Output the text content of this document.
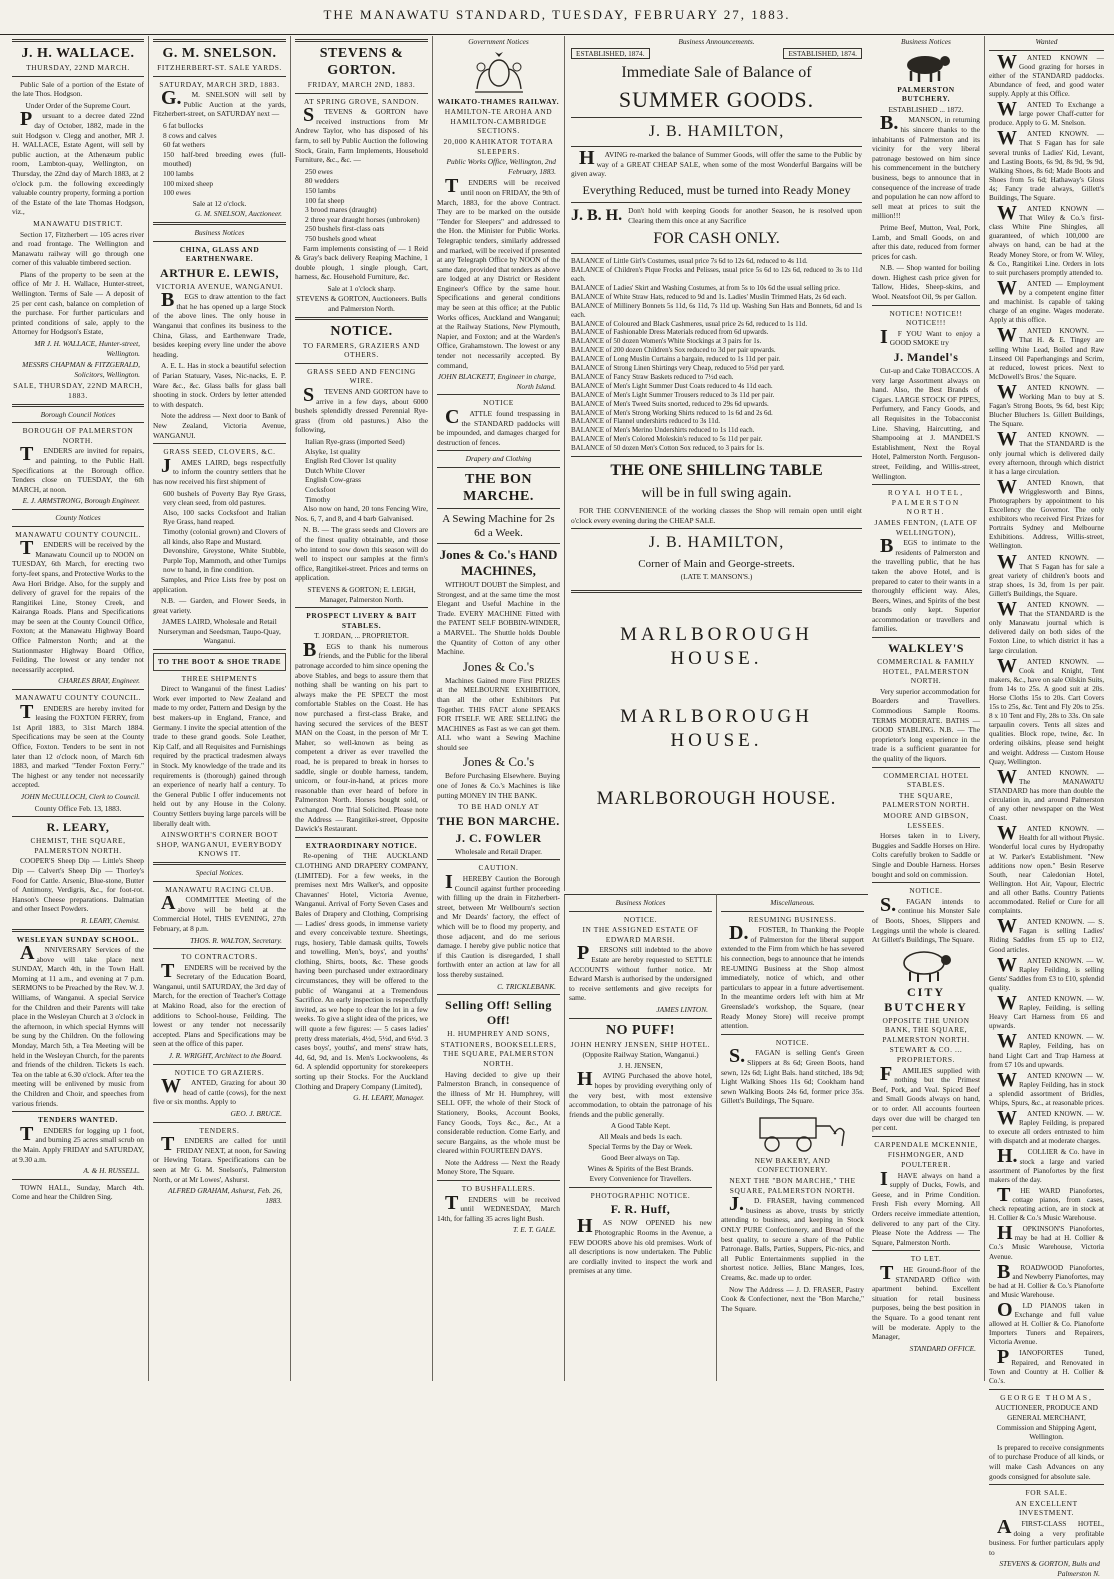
THE MANAWATU STANDARD, TUESDAY, FEBRUARY 27, 1883.
J. H. WALLACE.
THURSDAY, 22ND MARCH.

Public Sale of a portion of the Estate of the late Thos. Hodgson.

Under Order of the Supreme Court.

Pursuant to a decree dated 22nd day of October, 1882, made in the suit Hodgson v. Clegg and another, MR J. H. WALLACE, Estate Agent, will sell by public auction, at the Athenæum public room, Lambton-quay, Wellington, on Thursday, the 22nd day of March 1883, at 2 o'clock p.m. the following exceedingly valuable country property, forming a portion of the Estate of the late Thomas Hodgson, viz.,

MANAWATU DISTRICT.

Section 17, Fitzherbert — 105 acres river and road frontage. The Wellington and Manawatu railway will go through one corner of this valuable timbered section.

Plans of the property to be seen at the office of Mr J. H. Wallace, Hunter-street, Wellington. Terms of Sale — A deposit of 25 per cent cash, balance on completion of the purchase. For further particulars and printed conditions of sale, apply to the Attorney for Hodgson's Estate,

MR J. H. WALLACE, Hunter-street, Wellington.
MESSRS CHAPMAN & FITZGERALD, Solicitors, Wellington.
SALE, THURSDAY, 22ND MARCH, 1883.
Borough Council Notices
BOROUGH OF PALMERSTON NORTH.

TENDERS are invited for repairs, and painting, to the Public Hall. Specifications at the Borough office. Tenders close on TUESDAY, the 6th MARCH, at noon.

E. J. ARMSTRONG, Borough Engineer.
County Notices
MANAWATU COUNTY COUNCIL.

TENDERS will be received by the Manawatu Council up to NOON on TUESDAY, 6th March, for erecting two forty-feet spans, and Protective Works to the Awa Hori Bridge. Also, for the supply and delivery of gravel for the repairs of the Rangitikei Line, Stoney Creek, and Kairanga Roads. Plans and Specifications may be seen at the County Council Office, Foxton; at the Manawatu Highway Board Office Palmerston North; and at the Stationmaster Highway Board Office, Feilding. The lowest or any tender not necessarily accepted.

CHARLES BRAY, Engineer.
MANAWATU COUNTY COUNCIL.

TENDERS are hereby invited for leasing the FOXTON FERRY, from 1st April 1883, to 31st March 1884. Specifications may be seen at the County Office, Foxton. Tenders to be sent in not later than 12 o'clock noon, of March 6th 1883, and marked "Tender Foxton Ferry." The highest or any tender not necessarily accepted.

JOHN McCULLOCH, Clerk to Council.
County Office Feb. 13, 1883.
R. LEARY,
CHEMIST, THE SQUARE, PALMERSTON NORTH.

COOPER'S Sheep Dip — Little's Sheep Dip — Calvert's Sheep Dip — Thorley's Food for Cattle. Arsenic, Blue-stone, Butter of Antimony, Verdigris, &c., for foot-rot. Hanson's Cheese preparations. Dalmatian and other Insect Powders.

R. LEARY, Chemist.
WESLEYAN SUNDAY SCHOOL.

ANNIVERSARY Services of the above will take place next SUNDAY, March 4th, in the Town Hall. Morning at 11 a.m., and evening at 7 p.m. SERMONS to be Preached by the Rev. W. J. Williams, of Wanganui. A special Service for the Children and their Parents will take place in the Wesleyan Church at 3 o'clock in the afternoon, in which special Hymns will be sung by the Children. On the following Monday, March 5th, a Tea Meeting will be held in the Wesleyan Church, for the parents and friends of the children. Tickets 1s each. Tea on the table at 6.30 o'clock. After tea the meeting will be enlivened by music from the Children and Choir, and speeches from various friends.

TENDERS WANTED.

TENDERS for logging up 1 foot, and burning 25 acres small scrub on the Main. Apply FRIDAY and SATURDAY, at 9.30 a.m.

A. & H. RUSSELL.

TOWN HALL, Sunday, March 4th. Come and hear the Children Sing.

G. M. SNELSON.
FITZHERBERT-ST. SALE YARDS.
SATURDAY, MARCH 3RD, 1883.

G.M. SNELSON will sell by Public Auction at the yards, Fitzherbert-street, on SATURDAY next —

6 fat bullocks
8 cows and calves
60 fat wethers
150 half-bred breeding ewes (full-mouthed)
100 lambs
100 mixed sheep
100 ewes
Sale at 12 o'clock.
G. M. SNELSON, Auctioneer.
Business Notices
CHINA, GLASS AND EARTHENWARE.
ARTHUR E. LEWIS,
VICTORIA AVENUE, WANGANUI.

BEGS to draw attention to the fact that he has opened up a large Stock of the above lines. The only house in Wanganui that confines its business to the China, Glass, and Earthenware Trade, besides keeping every line under the above heading.

A. E. L. Has in stock a beautiful selection of Parian Statuary, Vases, Nic-nacks, E. P. Ware &c., &c. Glass balls for glass ball shooting in stock. Orders by letter attended to with despatch.

Note the address — Next door to Bank of New Zealand, Victoria Avenue, WANGANUI.

GRASS SEED, CLOVERS, &C.

JAMES LAIRD, begs respectfully to inform the country settlers that he has now received his first shipment of

600 bushels of Poverty Bay Rye Grass, very clean seed, from old pastures.
Also, 100 sacks Cocksfoot and Italian Rye Grass, hand reaped.
Timothy (colonial grown) and Clovers of all kinds, also Rape and Mustard.
Devonshire, Greystone, White Stubble, Purple Top, Mammoth, and other Turnips now to hand, in fine condition.

Samples, and Price Lists free by post on application.

N.B. — Garden, and Flower Seeds, in great variety.

JAMES LAIRD, Wholesale and Retail Nurseryman and Seedsman, Taupo-Quay, Wanganui.
TO THE BOOT & SHOE TRADE
THREE SHIPMENTS

Direct to Wanganui of the finest Ladies' Work ever imported to New Zealand and made to my order, Pattern and Design by the best makers-up in England, France, and Germany. I invite the special attention of the trade to these grand goods. Sole Leather, Kip Calf, and all Requisites and Furnishings required by the practical tradesmen always in Stock. My knowledge of the trade and its requirements is (thorough) gained through an experience of nearly half a century. To the General Public I offer inducements not held out by any House in the Colony. Country Settlers buying large parcels will be liberally dealt with.

AINSWORTH'S CORNER BOOT SHOP, WANGANUI, EVERYBODY KNOWS IT.
Special Notices.
MANAWATU RACING CLUB.

ACOMMITTEE Meeting of the above will be held at the Commercial Hotel, THIS EVENING, 27th February, at 8 p.m.

THOS. R. WALTON, Secretary.
TO CONTRACTORS.

TENDERS will be received by the Secretary of the Education Board, Wanganui, until SATURDAY, the 3rd day of March, for the erection of Teacher's Cottage at Makino Road, also for the erection of additions to School-house, Feilding. The lowest or any tender not necessarily accepted. Plans and Specifications may be seen at the office of this paper.

J. R. WRIGHT, Architect to the Board.
NOTICE TO GRAZIERS.

WANTED, Grazing for about 30 head of cattle (cows), for the next five or six months. Apply to

GEO. J. BRUCE.
TENDERS.

TENDERS are called for until FRIDAY NEXT, at noon, for Sawing or Hewing Totara. Specifications can be seen at Mr G. M. Snelson's, Palmerston North, or at Mr Lowes', Ashurst.

ALFRED GRAHAM, Ashurst, Feb. 26, 1883.
STEVENS & GORTON.
FRIDAY, MARCH 2ND, 1883.
AT SPRING GROVE, SANDON.

STEVENS & GORTON have received instructions from Mr Andrew Taylor, who has disposed of his farm, to sell by Public Auction the following Stock, Grain, Farm Implements, Household Furniture, &c., &c. —

250 ewes
80 wedders
150 lambs
100 fat sheep
3 brood mares (draught)
2 three year draught horses (unbroken)
250 bushels first-class oats
750 bushels good wheat

Farm implements consisting of — 1 Reid & Gray's back delivery Reaping Machine, 1 double plough, 1 single plough, Cart, harness, &c. Household Furniture, &c.

Sale at 1 o'clock sharp.
STEVENS & GORTON, Auctioneers. Bulls and Palmerston North.
NOTICE.
TO FARMERS, GRAZIERS AND OTHERS.
GRASS SEED AND FENCING WIRE.

STEVENS AND GORTON have to arrive in a few days, about 6000 bushels splendidly dressed Perennial Rye-grass (from old pastures.) Also the following,

Italian Rye-grass (imported Seed)
Alsyke, 1st quality
English Red Clover 1st quality
Dutch White Clover
English Cow-grass
Cocksfoot
Timothy

Also now on hand, 20 tons Fencing Wire, Nos. 6, 7, and 8, and 4 barb Galvanised.

N. B. — The grass seeds and Clovers are of the finest quality obtainable, and those who intend to sow down this season will do well to inspect our samples at the firm's office, Rangitikei-street. Prices and terms on application.

STEVENS & GORTON; E. LEIGH, Manager, Palmerston North.
PROSPECT LIVERY & BAIT STABLES.
T. JORDAN, ... PROPRIETOR.

BEGS to thank his numerous friends, and the Public for the liberal patronage accorded to him since opening the above Stables, and begs to assure them that nothing shall be wanting on his part to always make the PE SPECT the most comfortable Stables on the Coast. He has now purchased a first-class Brake, and having secured the services of the BEST MAN on the Coast, in the person of Mr T. Maher, so well-known as being as competent a driver as ever travelled the road, he is prepared to break in horses to saddle, single or double harness, tandem, unicorn, or four-in-hand, at prices more reasonable than ever heard of before in Palmerston North. Horses bought sold, or exchanged. One Trial Solicited. Please note the Address — Rangitikei-street, Opposite Dawick's Restaurant.

EXTRAORDINARY NOTICE.

Re-opening of THE AUCKLAND CLOTHING AND DRAPERY COMPANY, (LIMITED). For a few weeks, in the premises next Mrs Walker's, and opposite Chavannes' Hotel, Victoria Avenue, Wanganui. Arrival of Forty Seven Cases and Bales of Drapery and Clothing, Comprising — Ladies' dress goods, in immense variety and every conceivable texture. Sheetings, rugs, hosiery, Table damask quilts, Towels and towelling, Men's, boys', and youths' clothing, Shirts, boots, &c. These goods having been purchased under extraordinary circumstances, they will be offered to the public of Wanganui at a Tremendous Sacrifice. An early inspection is respectfully invited, as we hope to clear the lot in a few weeks. To give a slight idea of the prices, we will quote a few figures: — 5 cases ladies' pretty dress materials, 4½d, 5½d, and 6½d. 3 cases boys', youths', and mens' straw hats, 4d, 6d, 9d, and 1s. Men's Lockwoolens, 4s 6d. A splendid opportunity for storekeepers sorting up their Stocks. For the Auckland Clothing and Drapery Company (Limited),

G. H. LEARY, Manager.
Government Notices
WAIKATO-THAMES RAILWAY.
HAMILTON-TE AROHA AND HAMILTON-CAMBRIDGE SECTIONS.
20,000 KAHIKATOR TOTARA SLEEPERS.
Public Works Office, Wellington, 2nd February, 1883.

TENDERS will be received until noon on FRIDAY, the 9th of March, 1883, for the above Contract. They are to be marked on the outside "Tender for Sleepers" and addressed to the Hon. the Minister for Public Works. Telegraphic tenders, similarly addressed and marked, will be received if presented at any Telegraph Office by NOON of the same date, provided that tenders as above are lodged at any District or Resident Engineer's Office by the same hour. Specifications and general conditions may be seen at this office; at the Public Works offices, Auckland and Wanganui; at the Railway Stations, New Plymouth, Napier, and Foxton; and at the Warden's Office, Grahamstown. The lowest or any tender not necessarily accepted. By command,

JOHN BLACKETT, Engineer in charge, North Island.
NOTICE

CATTLE found trespassing in the STANDARD paddocks will be impounded, and damages charged for destruction of fences.

Drapery and Clothing
THE BON MARCHE.
A Sewing Machine for 2s 6d a Week.
Jones & Co.'s HAND MACHINES,

WITHOUT DOUBT the Simplest, and Strongest, and at the same time the most Elegant and Useful Machine in the Trade. EVERY MACHINE Fitted with the PATENT SELF BOBBIN-WINDER, a MARVEL. The Shuttle holds Double the Quantity of Cotton of any other Machine.

Jones & Co.'s

Machines Gained more First PRIZES at the MELBOURNE EXHIBITION, than all the other Exhibitors Put Together. THIS FACT alone SPEAKS FOR ITSELF. WE ARE SELLING the MACHINES as Fast as we can get them. ALL who want a Sewing Machine should see

Jones & Co.'s

Before Purchasing Elsewhere. Buying one of Jones & Co.'s Machines is like putting MONEY IN THE BANK.

TO BE HAD ONLY AT
THE BON MARCHE.
J. C. FOWLER
Wholesale and Retail Draper.
CAUTION.

IHEREBY Caution the Borough Council against further proceeding with filling up the drain in Fitzherbert-street, between Mr Wellbourn's section and Mr Deards' factory, the effect of which will be to flood my property, and those adjacent, and do me serious damage. I hereby give public notice that if this Caution is disregarded, I shall forthwith enter an action at law for all loss thereby sustained.

C. TRICKLEBANK.
Selling Off! Selling Off!
H. HUMPHREY AND SONS,
STATIONERS, BOOKSELLERS, THE SQUARE, PALMERSTON NORTH.

Having decided to give up their Palmerston Branch, in consequence of the illness of Mr H. Humphrey, will SELL OFF, the whole of their Stock of Stationery, Books, Account Books, Fancy Goods, Toys &c., &c., At a considerable reduction. Come Early, and secure Bargains, as the whole must be cleared within FOURTEEN DAYS.

Note the Address — Next the Ready Money Store, The Square.

TO BUSHFALLERS.

TENDERS will be received until WEDNESDAY, March 14th, for falling 35 acres light Bush.

T. E. T. GALE.
Business Announcements.
ESTABLISHED, 1874.	ESTABLISHED, 1874.
Immediate Sale of Balance of
SUMMER GOODS.
J. B. HAMILTON,

HAVING re-marked the balance of Summer Goods, will offer the same to the Public by way of a GREAT CHEAP SALE, when some of the most Wonderful Bargains will be given away.

Everything Reduced, must be turned into Ready Money
J. B. H. Don't hold with keeping Goods for another Season, he is resolved upon Clearing them this once at any Sacrifice
FOR CASH ONLY.
BALANCE of Little Girl's Costumes, usual price 7s 6d to 12s 6d, reduced to 4s 11d.
BALANCE of Children's Pique Frocks and Pelisses, usual price 5s 6d to 12s 6d, reduced to 3s to 11d each.
BALANCE of Ladies' Skirt and Washing Costumes, at from 5s to 10s 6d the usual selling price.
BALANCE of White Straw Hats, reduced to 9d and 1s. Ladies' Muslin Trimmed Hats, 2s 6d each.
BALANCE of Millinery Bonnets 5s 11d, 6s 11d, 7s 11d up. Washing Sun Hats and Bonnets, 6d and 1s each.
BALANCE of Coloured and Black Cashmeres, usual price 2s 6d, reduced to 1s 11d.
BALANCE of Fashionable Dress Materials reduced from 6d upwards.
BALANCE of 50 dozen Women's White Stockings at 3 pairs for 1s.
BALANCE of 200 dozen Children's Sox reduced to 3d per pair upwards.
BALANCE of Long Muslin Curtains a bargain, reduced to 1s 11d per pair.
BALANCE of Strong Linen Shirtings very Cheap, reduced to 5½d per yard.
BALANCE of Fancy Straw Baskets reduced to 7½d each.
BALANCE of Men's Light Summer Dust Coats reduced to 4s 11d each.
BALANCE of Men's Light Summer Trousers reduced to 3s 11d per pair.
BALANCE of Men's Tweed Suits snorted, reduced to 29s 6d upwards.
BALANCE of Men's Strong Working Shirts reduced to 1s 6d and 2s 6d.
BALANCE of Flannel undershirts reduced to 3s 11d.
BALANCE of Men's Merino Undershirts reduced to 1s 11d each.
BALANCE of Men's Colored Moleskin's reduced to 5s 11d per pair.
BALANCE of 50 dozen Men's Cotton Sox reduced, to 3 pairs for 1s.
THE ONE SHILLING TABLE
will be in full swing again.

FOR THE CONVENIENCE of the working classes the Shop will remain open until eight o'clock every evening during the CHEAP SALE.

J. B. HAMILTON,
Corner of Main and George-streets.
(LATE T. MANSON'S.)
MARLBOROUGH HOUSE.
MARLBOROUGH HOUSE.
MARLBOROUGH HOUSE.
Business Notices
NOTICE.
IN THE ASSIGNED ESTATE OF EDWARD MARSH.

PERSONS still indebted to the above Estate are hereby requested to SETTLE ACCOUNTS without further notice. Mr Edward Marsh is authorised by the undersigned to receive settlements and give receipts for same.

JAMES LINTON.
NO PUFF!
JOHN HENRY JENSEN, SHIP HOTEL.
(Opposite Railway Station, Wanganui.)
J. H. JENSEN,

HAVING Purchased the above hotel, hopes by providing everything only of the very best, with most extensive accommodation, to obtain the patronage of his friends and the public generally.

A Good Table Kept.
All Meals and beds 1s each.
Special Terms by the Day or Week.
Good Beer always on Tap.
Wines & Spirits of the Best Brands.
Every Convenience for Travellers.
PHOTOGRAPHIC NOTICE.
F. R. Huff,

HAS NOW OPENED his new Photographic Rooms in the Avenue, a FEW DOORS above his old premises. Work of all descriptions is now undertaken. The Public are cordially invited to inspect the work and premises at any time.

Miscellaneous.
RESUMING BUSINESS.

D.FOSTER, In Thanking the People of Palmerston for the liberal support extended to the Firm from which he has severed his connection, begs to announce that he intends RE-UMING Business at the Shop almost immediately, notice of which, and other particulars to appear in a future advertisement. In the meantime orders left with him at Mr Greenslade's workshop, the Square, (near Ready Money Store) will receive prompt attention.

NOTICE.

S.FAGAN is selling Gent's Green Slippers at 8s 6d; Green Boots, hand sewn, 12s 6d; Light Bals. hand stitched, 18s 9d; Light Walking Shoes 11s 6d; Cookham hand sewn Walking Boots 24s 6d, former price 35s. Gillett's Buildings, The Square.

NEW BAKERY, AND CONFECTIONERY.
NEXT THE "BON MARCHE," THE SQUARE, PALMERSTON NORTH.

J.D. FRASER, having commenced business as above, trusts by strictly attending to business, and keeping in Stock ONLY PURE Confectionery, and Bread of the best quality, to secure a share of the Public Patronage. Balls, Parties, Suppers, Pic-nics, and all Public Entertainments supplied in the shortest notice. Jellies, Blanc Manges, Ices, Creams, &c. made up to order.

Now The Address — J. D. FRASER, Pastry Cook & Confectioner, next the "Bon Marche," The Square.

Business Notices
PALMERSTON BUTCHERY.
ESTABLISHED ... 1872.

B.MANSON, in returning his sincere thanks to the inhabitants of Palmerston and its vicinity for the very liberal patronage bestowed on him since his commencement in the butchery business, begs to announce that in consequence of the increase of trade and population he can now afford to sell meat at prices to suit the million!!!

Prime Beef, Mutton, Veal, Pork, Lamb, and Small Goods, on and after this date, reduced from former prices for cash.

N.B. — Shop wanted for boiling down. Highest cash price given for Tallow, Hides, Sheep-skins, and Wool. Neatsfoot Oil, 9s per Gallon.

NOTICE! NOTICE!! NOTICE!!!

IF YOU Want to enjoy a GOOD SMOKE try

J. Mandel's

Cut-up and Cake TOBACCOS. A very large Assortment always on hand. Also, the Best Brands of Cigars. LARGE STOCK OF PIPES, Perfumery, and Fancy Goods, and all Requisites in the Tobacconist Line. Shaving, Haircutting, and Shampooing at J. MANDEL'S Establishment, Next the Royal Hotel, Palmerston North. Ferguson-street, Feilding, and Willis-street, Wellington.

ROYAL HOTEL, PALMERSTON NORTH.
JAMES FENTON, (LATE OF WELLINGTON),

BEGS to intimate to the residents of Palmerston and the travelling public, that he has taken the above Hotel, and is prepared to cater to their wants in a thoroughly efficient way. Ales, Beers, Wines, and Spirits of the best brands only kept. Superior accommodation or travellers and families.

WALKLEY'S
COMMERCIAL & FAMILY HOTEL, PALMERSTON NORTH.

Very superior accommodation for Boarders and Travellers. Commodious Sample Rooms. TERMS MODERATE. BATHS — GOOD STABLING. N.B. — The proprietor's long experience in the trade is a sufficient guarantee for the quality of the liquors.

COMMERCIAL HOTEL STABLES.
THE SQUARE, PALMERSTON NORTH.
MOORE AND GIBSON, LESSEES.

Horses taken in to Livery, Buggies and Saddle Horses on Hire. Colts carefully broken to Saddle or Single and Double Harness. Horses bought and sold on commission.

NOTICE.

S.FAGAN intends to continue his Monster Sale of Boots, Shoes, Slippers and Leggings until the whole is cleared. At Gillett's Buildings, The Square.

CITY BUTCHERY
OPPOSITE THE UNION BANK, THE SQUARE, PALMERSTON NORTH.
STEWART & CO. ... PROPRIETORS.

FAMILIES supplied with nothing but the Primest Beef, Pork, and Veal. Spiced Beef and Small Goods always on hand, or to order. All accounts fourteen days over due will be charged ten per cent.

CARPENDALE MCKENNIE,
FISHMONGER, AND POULTERER.

IHAVE always on hand a supply of Ducks, Fowls, and Geese, and in Prime Condition. Fresh Fish every Morning. All Orders receive immediate attention, delivered to any part of the City. Please Note the Address — The Square, Palmerston North.

TO LET.

THE Ground-floor of the STANDARD Office with apartment behind. Excellent situation for retail business purposes, being the best position in the Square. To a good tenant rent will be moderate. Apply to the Manager,

STANDARD OFFICE.
Wanted

WANTED KNOWN — Good grazing for horses in either of the STANDARD paddocks. Abundance of feed, and good water supply. Apply at this Office.

WANTED To Exchange a large power Chaff-cutter for produce. Apply to G. M. Snelson.

WANTED KNOWN. — That S Fagan has for sale several trunks of Ladies' Kid, Levant, and Lasting Boots, 6s 9d, 8s 9d, 9s 9d, Walking Shoes, 8s 6d; Made Boots and Shoes from 5s 6d; Hathaway's Gloss 4s; Fancy trade always, Gillett's Buildings, The Square.

WANTED KNOWN — That Wiley & Co.'s first-class White Pine Shingles, all guaranteed, of which 100,000 are always on hand, can be had at the Ready Money Store, or from W. Wiley, & Co., Rangitikei Line. Orders in lots to suit purchasers promptly attended to.

WANTED — Employment by a competent engine fitter and machinist. Is capable of taking charge of an engine. Wages moderate. Apply at this office.

WANTED KNOWN. — That H. & E. Tingey are selling White Lead, Boiled and Raw Linseed Oil Paperhangings and Scrim, at reduced, lowest prices. Next to McDowell's Bros.' the Square.

WANTED KNOWN. — Working Man to buy at S. Fagan's Strong Boots, 9s 6d, best Kip; Blucher Bluchers 1s. Gillett Buildings, The Square.

WANTED KNOWN. — That the STANDARD is the only journal which is delivered daily every afternoon, through which district it has a large circulation.

WANTED Known, that Wrigglesworth and Binns, Photographers by appointment to his Excellency the Governor. The only exhibitors who received First Prizes for Portraits Sydney and Melbourne Exhibitions. Address, Willis-street, Wellington.

WANTED KNOWN. — That S Fagan has for sale a great variety of children's boots and strap shoes, 1s 3d, from 1s per pair. Gillett's Buildings, the Square.

WANTED KNOWN. — That the STANDARD is the only Manawatu journal which is delivered daily on both sides of the Foxton Line, to which district it has a large circulation.

WANTED KNOWN. — Cook and Knight, Tent makers, &c., have on sale Oilskin Suits, from 14s to 25s. A good suit at 20s. Horse Cloths 15s to 20s. Cart Covers 15s to 25s, &c. Tent and Fly 20s to 25s. 8 x 10 Tent and Fly, 28s to 33s. On sale tarpaulin covers. Tents all sizes and qualities. Block rope, twine, &c. In ordering oilskins, please send height and weight. Address — Custom House Quay, Wellington.

WANTED KNOWN. — The MANAWATU STANDARD has more than double the circulation in, and around Palmerston of any other newspaper on the West Coast.

WANTED KNOWN. — Health for all without Physic. Wonderful local cures by Hydropathy at W. Parker's Establishment. "New additions now open." Besin Reserve South, near Caledonian Hotel, Wellington. Hot Air, Vapour, Electric and all other Baths. Country Patients accommodated. Relief or Cure for all complaints.

WANTED KNOWN. — S. Fagan is selling Ladies' Riding Saddles from £5 up to £12, Good articles.

WANTED KNOWN. — W. Rapley Feilding, is selling Gents' Saddles from £3 to £10, splendid quality.

WANTED KNOWN. — W. Rapley, Feilding, is selling Heavy Cart Harness from £6 and upwards.

WANTED KNOWN. — W. Rapley, Feilding, has on hand Light Cart and Trap Harness at from £7 10s and upwards.

WANTED KNOWN — W. Rapley Feilding, has in stock a splendid assortment of Bridles, Whips, Spurs, &c., at reasonable prices.

WANTED KNOWN. — W. Rapley Feilding, is prepared to execute all orders entrusted to him with dispatch and at moderate charges.

H.COLLIER & Co. have in stock a large and varied assortment of Pianofortes by the first makers of the day.

THE WARD Pianofortes, cottage pianos, from cases, check repeating action, are in stock at H. Collier & Co.'s Music Warehouse.

HOPKINSON'S Pianofortes, may be had at H. Collier & Co.'s Music Warehouse, Victoria Avenue.

BROADWOOD Pianofortes, and Newberry Pianofortes, may be had at H. Collier & Co.'s Pianoforte and Music Warehouse.

OLD PIANOS taken in Exchange and full value allowed at H. Collier & Co. Pianoforte Importers Tuners and Repairers, Victoria Avenue.

PIANOFORTES Tuned, Repaired, and Renovated in Town and Country at H. Collier & Co.'s.

GEORGE THOMAS,
AUCTIONEER, PRODUCE AND GENERAL MERCHANT, Commission and Shipping Agent, Wellington.

Is prepared to receive consignments of to purchase Produce of all kinds, or will make Cash Advances on any goods consigned for absolute sale.

FOR SALE.
AN EXCELLENT INVESTMENT.

AFIRST-CLASS HOTEL, doing a very profitable business. For further particulars apply to

STEVENS & GORTON, Bulls and Palmerston N.
